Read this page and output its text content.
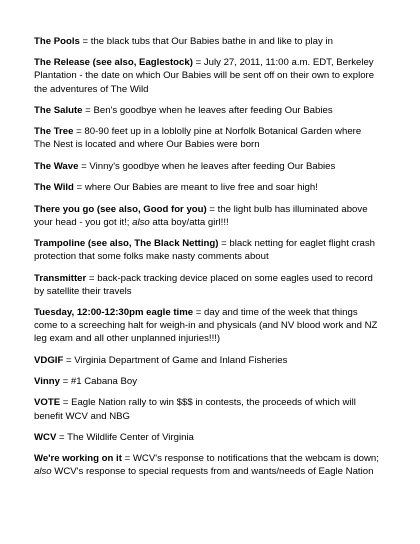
The Pools = the black tubs that Our Babies bathe in and like to play in

The Release (see also, Eaglestock) = July 27, 2011, 11:00 a.m. EDT, Berkeley Plantation - the date on which Our Babies will be sent off on their own to explore the adventures of The Wild

The Salute = Ben's goodbye when he leaves after feeding Our Babies

The Tree = 80-90 feet up in a loblolly pine at Norfolk Botanical Garden where The Nest is located and where Our Babies were born

The Wave = Vinny's goodbye when he leaves after feeding Our Babies

The Wild = where Our Babies are meant to live free and soar high!

There you go (see also, Good for you) = the light bulb has illuminated above your head - you got it!; also atta boy/atta girl!!!

Trampoline (see also, The Black Netting) = black netting for eaglet flight crash protection that some folks make nasty comments about

Transmitter = back-pack tracking device placed on some eagles used to record by satellite their travels

Tuesday, 12:00-12:30pm eagle time = day and time of the week that things come to a screeching halt for weigh-in and physicals (and NV blood work and NZ leg exam and all other unplanned injuries!!!)

VDGIF = Virginia Department of Game and Inland Fisheries

Vinny = #1 Cabana Boy

VOTE = Eagle Nation rally to win $$$ in contests, the proceeds of which will benefit WCV and NBG

WCV = The Wildlife Center of Virginia

We're working on it = WCV's response to notifications that the webcam is down; also WCV's response to special requests from and wants/needs of Eagle Nation
